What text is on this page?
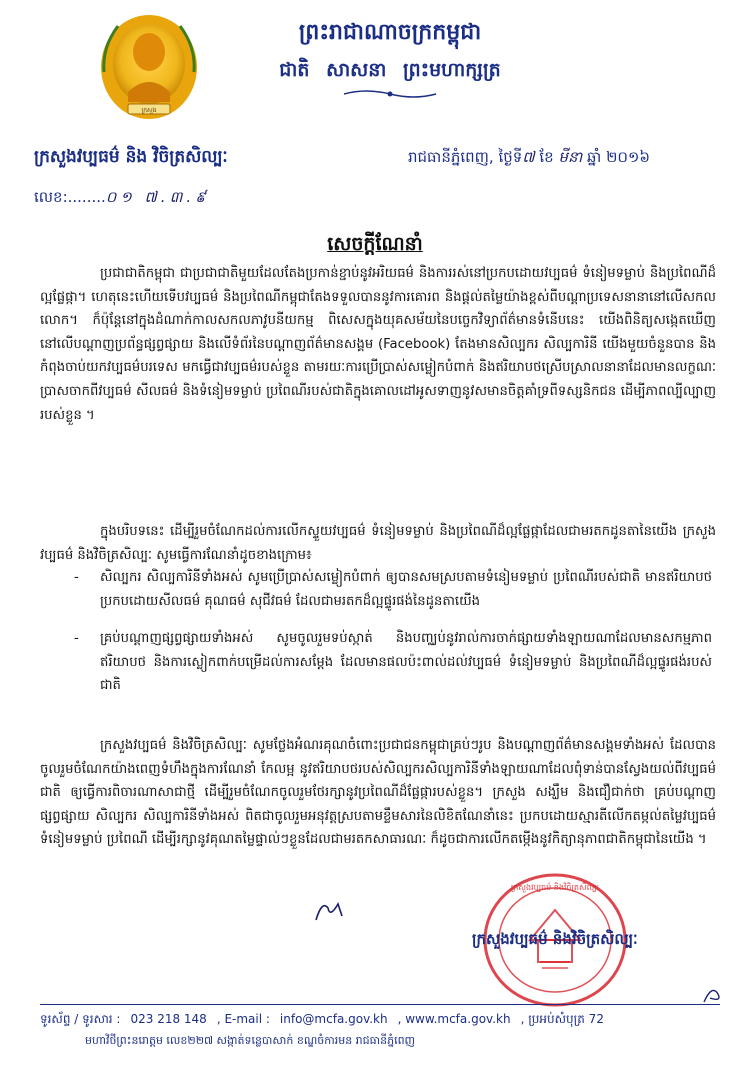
ក្រសួង
ព្រះរាជាណាចក្រកម្ពុជា
ជាតិ សាសនា ព្រះមហាក្សត្រ
ក្រសួងវប្បធម៌ និង វិចិត្រសិល្បៈ	រាជធានីភ្នំពេញ, ថ្ងៃទី៧ ខែ មីនា ឆ្នាំ ២០១៦
លេខ:........០១ ៧.៣.៩
សេចក្តីណែនាំ
ប្រជាជាតិកម្ពុជា ជាប្រជាជាតិមួយដែលតែងប្រកាន់ខ្ជាប់នូវអរិយធម៌ និងការរស់នៅប្រកបដោយវប្បធម៌ ទំនៀមទម្លាប់ និងប្រពៃណីដ៏ល្អផ្លែផ្កា។ ហេតុនេះហើយទើបវប្បធម៌ និងប្រពៃណីកម្ពុជាតែងទទួលបាននូវការគោរព និងផ្តល់តម្លៃយ៉ាងខ្ពស់ពីបណ្តាប្រទេសនានានៅលើសកលលោក។ ក៏ប៉ុន្តែនៅក្នុងដំណាក់កាលសកលភាវូបនីយកម្ម ពិសេសក្នុងយុគសម័យនៃបច្ចេកវិទ្យាព័ត៌មានទំនើបនេះ យើងពិនិត្យសង្កេតឃើញនៅលើបណ្តាញប្រព័ន្ធផ្សព្វផ្សាយ និងលើទំព័រនៃបណ្តាញព័ត៌មានសង្គម (Facebook) តែងមានសិល្បករ សិល្បការិនី យើងមួយចំនួនបាន និងកំពុងចាប់យកវប្បធម៌បរទេស មកធ្វើជាវប្បធម៌របស់ខ្លួន តាមរយៈការប្រើប្រាស់សម្លៀកបំពាក់ និងឥរិយាបថស្រើបស្រាលនានាដែលមានលក្ខណៈប្រាសចាកពីវប្បធម៌ សីលធម៌ និងទំនៀមទម្លាប់ ប្រពៃណីរបស់ជាតិក្នុងគោលដៅអូសទាញនូវសមានចិត្តគាំទ្រពីទស្សនិកជន ដើម្បីភាពល្បីល្បាញរបស់ខ្លួន ។
ក្នុងបរិបទនេះ ដើម្បីរួមចំណែកដល់ការលើកស្ទួយវប្បធម៌ ទំនៀមទម្លាប់ និងប្រពៃណីដ៏ល្អផ្លែផ្កាដែលជាមរតកដូនតានៃយើង ក្រសួងវប្បធម៌ និងវិចិត្រសិល្បៈ សូមធ្វើការណែនាំដូចខាងក្រោម៖
- សិល្បករ សិល្បការិនីទាំងអស់ សូមប្រើប្រាស់សម្លៀកបំពាក់ ឲ្យបានសមស្របតាមទំនៀមទម្លាប់ ប្រពៃណីរបស់ជាតិ មានឥរិយាបថប្រកបដោយសីលធម៌ គុណធម៌ សុជីវធម៌ ដែលជាមរតកដ៏ល្អផ្ទូរផង់នៃដូនតាយើង
- គ្រប់បណ្តាញផ្សព្វផ្សាយទាំងអស់ សូមចូលរួមទប់ស្កាត់ និងបញ្ឈប់នូវរាល់ការចាក់ផ្សាយទាំងឡាយណាដែលមានសកម្មភាព ឥរិយាបថ និងការស្លៀកពាក់បម្រើដល់ការសម្តែង ដែលមានផលប៉ះពាល់ដល់វប្បធម៌ ទំនៀមទម្លាប់ និងប្រពៃណីដ៏ល្អផ្ទូរផង់របស់ជាតិ
ក្រសួងវប្បធម៌ និងវិចិត្រសិល្បៈ សូមថ្លែងអំណរគុណចំពោះប្រជាជនកម្ពុជាគ្រប់ៗរូប និងបណ្តាញព័ត៌មានសង្គមទាំងអស់ ដែលបានចូលរួមចំណែកយ៉ាងពេញទំហឹងក្នុងការណែនាំ កែលម្អ នូវឥរិយាបថរបស់សិល្បករសិល្បការិនីទាំងឡាយណាដែលពុំទាន់បានស្វែងយល់ពីវប្បធម៌ជាតិ ឲ្យធ្វើការពិចារណាសាជាថ្មី ដើម្បីរួមចំណែកចូលរួមថែរក្សានូវប្រពៃណីដ៏ផ្លែផ្ការបស់ខ្លួន។ ក្រសួង សង្ឃឹម និងជឿជាក់ថា គ្រប់បណ្តាញផ្សព្វផ្សាយ សិល្បករ សិល្បការិនីទាំងអស់ ពិតជាចូលរួមអនុវត្តស្របតាមខ្លឹមសារនៃលិខិតណែនាំនេះ ប្រកបដោយស្មារតីលើកតម្កល់តម្លៃវប្បធម៌ ទំនៀមទម្លាប់ ប្រពៃណី ដើម្បីរក្សានូវគុណតម្លៃផ្ទាល់ៗខ្លួនដែលជាមរតកសាធារណៈ ក៏ដូចជាការលើកតម្កើងនូវកិត្យានុភាពជាតិកម្ពុជានៃយើង ។
ក្រសួងវប្បធម៌ និងវិចិត្រសិល្បៈ
ក្រសួងវប្បធម៌ និងវិចិត្រសិល្បៈ
ទូរស័ព្ទ / ទូរសារ : 023 218 148 , E-mail : info@mcfa.gov.kh , www.mcfa.gov.kh , ប្រអប់សំបុត្រ 72
មហាវិថីព្រះនរោត្តម លេខ២២៧ សង្កាត់ទន្លេបាសាក់ ខណ្ឌចំការមន រាជធានីភ្នំពេញ
